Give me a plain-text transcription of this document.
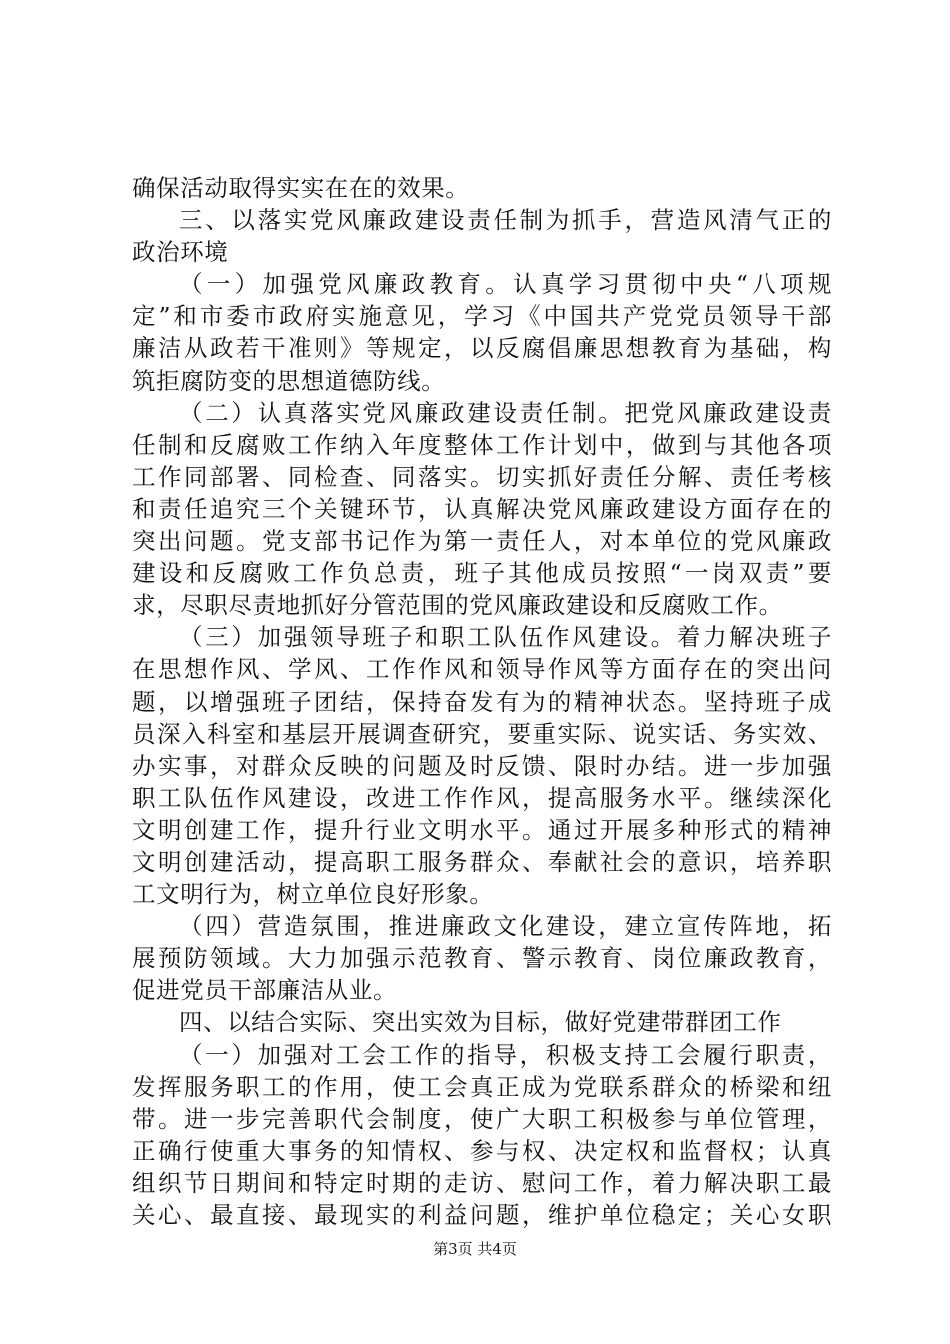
确保活动取得实实在在的效果。
三、以落实党风廉政建设责任制为抓手，营造风清气正的
政治环境
（一）加强党风廉政教育。认真学习贯彻中央“八项规
定”和市委市政府实施意见，学习《中国共产党党员领导干部
廉洁从政若干准则》等规定，以反腐倡廉思想教育为基础，构
筑拒腐防变的思想道德防线。
（二）认真落实党风廉政建设责任制。把党风廉政建设责
任制和反腐败工作纳入年度整体工作计划中，做到与其他各项
工作同部署、同检查、同落实。切实抓好责任分解、责任考核
和责任追究三个关键环节，认真解决党风廉政建设方面存在的
突出问题。党支部书记作为第一责任人，对本单位的党风廉政
建设和反腐败工作负总责，班子其他成员按照“一岗双责”要
求，尽职尽责地抓好分管范围的党风廉政建设和反腐败工作。
（三）加强领导班子和职工队伍作风建设。着力解决班子
在思想作风、学风、工作作风和领导作风等方面存在的突出问
题，以增强班子团结，保持奋发有为的精神状态。坚持班子成
员深入科室和基层开展调查研究，要重实际、说实话、务实效、
办实事，对群众反映的问题及时反馈、限时办结。进一步加强
职工队伍作风建设，改进工作作风，提高服务水平。继续深化
文明创建工作，提升行业文明水平。通过开展多种形式的精神
文明创建活动，提高职工服务群众、奉献社会的意识，培养职
工文明行为，树立单位良好形象。
（四）营造氛围，推进廉政文化建设，建立宣传阵地，拓
展预防领域。大力加强示范教育、警示教育、岗位廉政教育，
促进党员干部廉洁从业。
四、以结合实际、突出实效为目标，做好党建带群团工作
（一）加强对工会工作的指导，积极支持工会履行职责，
发挥服务职工的作用，使工会真正成为党联系群众的桥梁和纽
带。进一步完善职代会制度，使广大职工积极参与单位管理，
正确行使重大事务的知情权、参与权、决定权和监督权；认真
组织节日期间和特定时期的走访、慰问工作，着力解决职工最
关心、最直接、最现实的利益问题，维护单位稳定；关心女职
第3页 共4页
